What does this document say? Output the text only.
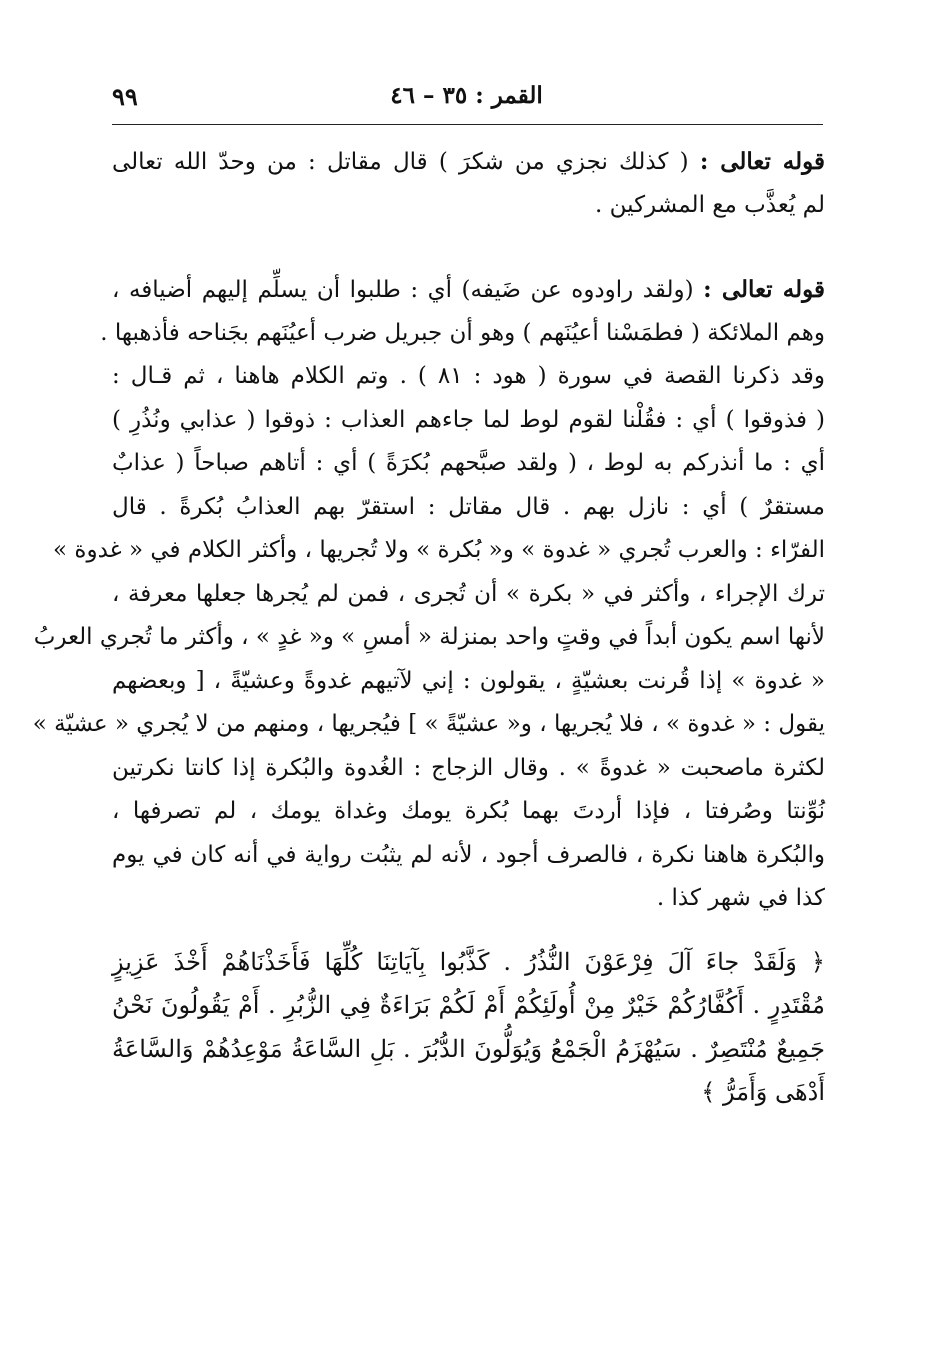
٩٩	القمر : ٣٥ – ٤٦
قوله تعالى : ( كذلك نجزي من شكرَ ) قال مقاتل : من وحدّ الله تعالى
لم يُعذَّب مع المشركين .
قوله تعالى : (ولقد راودوه عن ضَيفه) أي : طلبوا أن يسلِّم إليهم أضيافه ،
وهم الملائكة ( فطمَسْنا أعيُنَهم ) وهو أن جبريل ضرب أعيُنَهم بجَناحه فأذهبها .
وقد ذكرنا القصة في سورة ( هود : ٨١ ) . وتم الكلام هاهنا ، ثم قـال :
( فذوقوا ) أي : فقُلْنا لقوم لوط لما جاءهم العذاب : ذوقوا ( عذابي ونُذُرِ )
أي : ما أنذركم به لوط ، ( ولقد صبَّحهم بُكرَةً ) أي : أتاهم صباحاً ( عذابٌ
مستقرٌ ) أي : نازل بهم . قال مقاتل : استقرّ بهم العذابُ بُكرةً . قال
الفرّاء : والعرب تُجري « غدوة » و« بُكرة » ولا تُجريها ، وأكثر الكلام في « غدوة »
ترك الإجراء ، وأكثر في « بكرة » أن تُجرى ، فمن لم يُجرها جعلها معرفة ،
لأنها اسم يكون أبداً في وقتٍ واحد بمنزلة « أمسِ » و« غدٍ » ، وأكثر ما تُجري العربُ
« غدوة » إذا قُرنت بعشيّةٍ ، يقولون : إني لآتيهم غدوةً وعشيّةً ، [ وبعضهم
يقول : « غدوة » ، فلا يُجريها ، و« عشيّةً » ] فيُجريها ، ومنهم من لا يُجري « عشيّة »
لكثرة ماصحبت « غدوةً » . وقال الزجاج : الغُدوة والبُكرة إذا كانتا نكرتين
نُوِّنتا وصُرفتا ، فإذا أردتَ بهما بُكرة يومك وغداة يومك ، لم تصرفها ،
والبُكرة هاهنا نكرة ، فالصرف أجود ، لأنه لم يثبُت رواية في أنه كان في يوم
كذا في شهر كذا .
﴿ وَلَقَدْ جاءَ آلَ فِرْعَوْنَ النُّذُرُ . كَذَّبُوا بِآيَاتِنَا كُلِّهَا فَأَخَذْنَاهُمْ أَخْذَ عَزِيزٍ
مُقْتَدِرٍ . أَكُفَّارُكُمْ خَيْرٌ مِنْ أُولَئِكُمْ أَمْ لَكُمْ بَرَاءَةٌ فِي الزُّبُرِ . أَمْ يَقُولُونَ نَحْنُ
جَمِيعٌ مُنْتَصِرٌ . سَيُهْزَمُ الْجَمْعُ وَيُوَلُّونَ الدُّبُرَ . بَلِ السَّاعَةُ مَوْعِدُهُمْ وَالسَّاعَةُ
أَدْهَى وَأَمَرُّ ﴾
